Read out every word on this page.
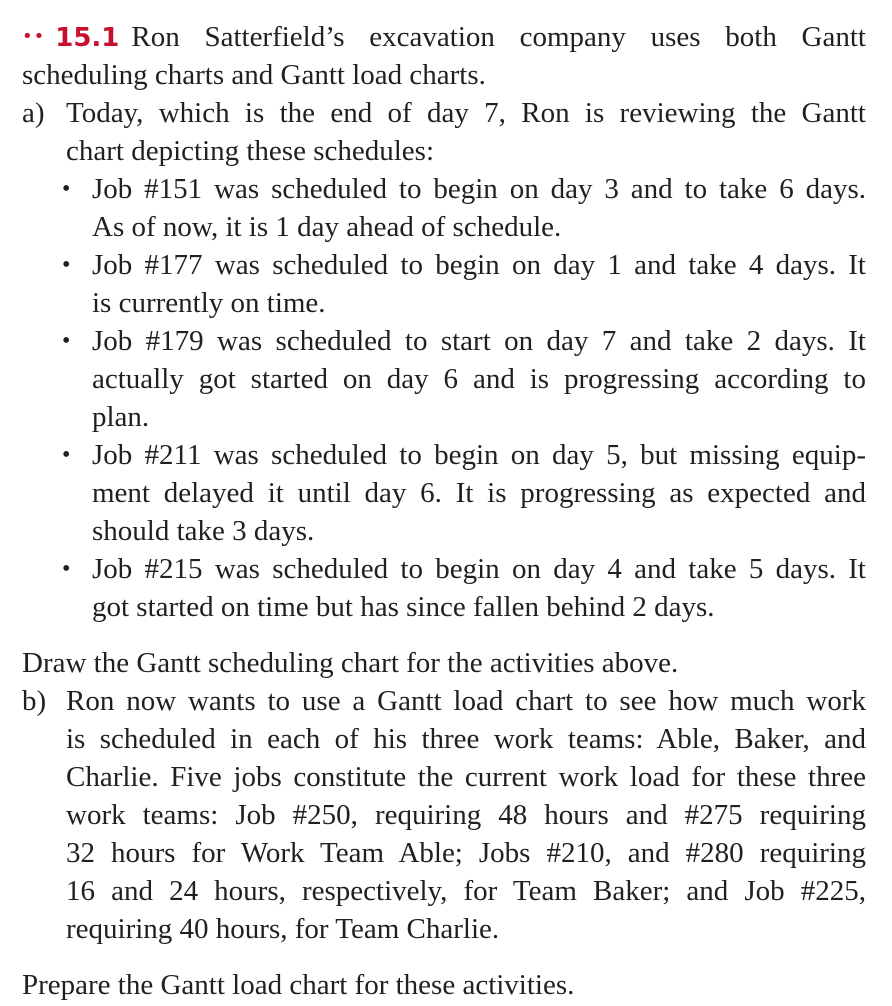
•• 15.1 Ron Satterfield’s excavation company uses both Gantt
scheduling charts and Gantt load charts.
a) Today, which is the end of day 7, Ron is reviewing the Gantt
chart depicting these schedules:
• Job #151 was scheduled to begin on day 3 and to take 6 days.
As of now, it is 1 day ahead of schedule.
• Job #177 was scheduled to begin on day 1 and take 4 days. It
is currently on time.
• Job #179 was scheduled to start on day 7 and take 2 days. It
actually got started on day 6 and is progressing according to
plan.
• Job #211 was scheduled to begin on day 5, but missing equip-
ment delayed it until day 6. It is progressing as expected and
should take 3 days.
• Job #215 was scheduled to begin on day 4 and take 5 days. It
got started on time but has since fallen behind 2 days.
Draw the Gantt scheduling chart for the activities above.
b) Ron now wants to use a Gantt load chart to see how much work
is scheduled in each of his three work teams: Able, Baker, and
Charlie. Five jobs constitute the current work load for these three
work teams: Job #250, requiring 48 hours and #275 requiring
32 hours for Work Team Able; Jobs #210, and #280 requiring
16 and 24 hours, respectively, for Team Baker; and Job #225,
requiring 40 hours, for Team Charlie.
Prepare the Gantt load chart for these activities.
